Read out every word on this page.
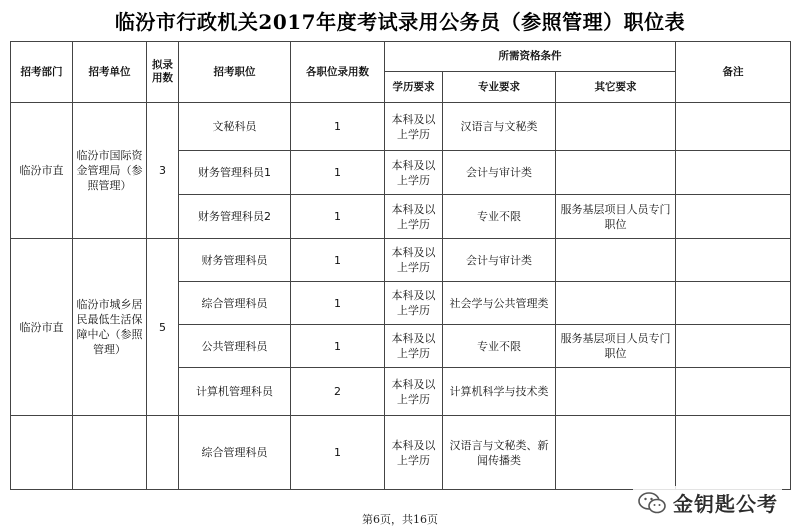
临汾市行政机关2017年度考试录用公务员（参照管理）职位表
招考部门	招考单位	拟录用数	招考职位	各职位录用数	所需资格条件			备注
					学历要求	专业要求	其它要求	
临汾市直	临汾市国际资金管理局（参照管理）	3	文秘科员	1	本科及以上学历	汉语言与文秘类		
			财务管理科员1	1	本科及以上学历	会计与审计类		
			财务管理科员2	1	本科及以上学历	专业不限	服务基层项目人员专门职位	
临汾市直	临汾市城乡居民最低生活保障中心（参照管理）	5	财务管理科员	1	本科及以上学历	会计与审计类		
			综合管理科员	1	本科及以上学历	社会学与公共管理类		
			公共管理科员	1	本科及以上学历	专业不限	服务基层项目人员专门职位	
			计算机管理科员	2	本科及以上学历	计算机科学与技术类		
			综合管理科员	1	本科及以上学历	汉语言与文秘类、新闻传播类		
第6页，共16页
金钥匙公考
